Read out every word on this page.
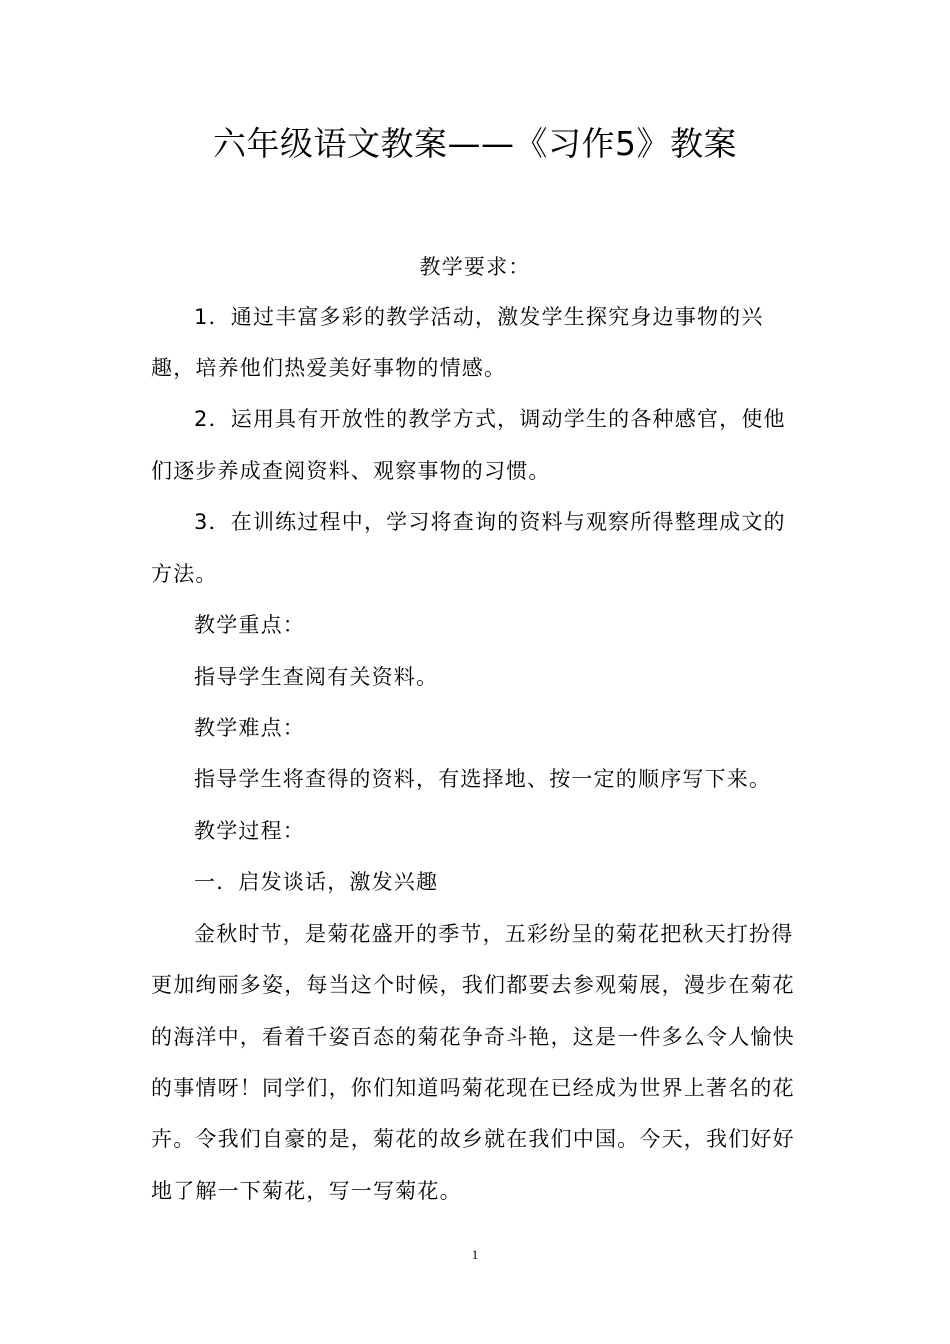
六年级语文教案——《习作5》教案
教学要求：
1．通过丰富多彩的教学活动，激发学生探究身边事物的兴
趣，培养他们热爱美好事物的情感。
2．运用具有开放性的教学方式，调动学生的各种感官，使他
们逐步养成查阅资料、观察事物的习惯。
3．在训练过程中，学习将查询的资料与观察所得整理成文的
方法。
教学重点：
指导学生查阅有关资料。
教学难点：
指导学生将查得的资料，有选择地、按一定的顺序写下来。
教学过程：
一．启发谈话，激发兴趣
金秋时节，是菊花盛开的季节，五彩纷呈的菊花把秋天打扮得
更加绚丽多姿，每当这个时候，我们都要去参观菊展，漫步在菊花
的海洋中，看着千姿百态的菊花争奇斗艳，这是一件多么令人愉快
的事情呀！同学们，你们知道吗菊花现在已经成为世界上著名的花
卉。令我们自豪的是，菊花的故乡就在我们中国。今天，我们好好
地了解一下菊花，写一写菊花。
1
